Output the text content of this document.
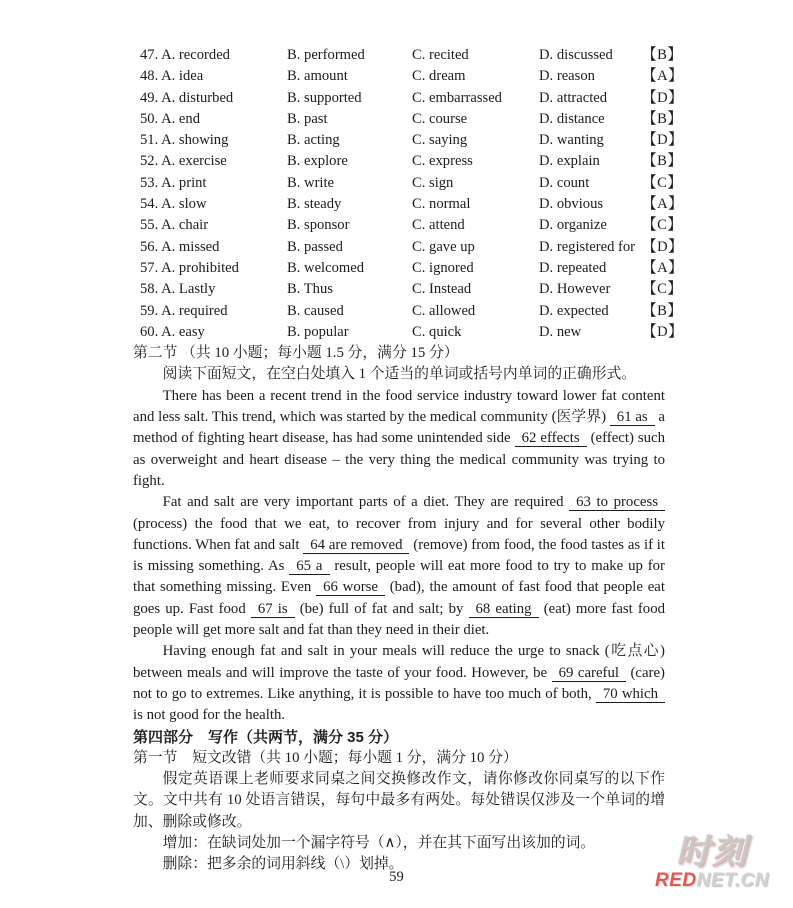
47. A. recorded	B. performed	C. recited	D. discussed	【B】
48. A. idea	B. amount	C. dream	D. reason	【A】
49. A. disturbed	B. supported	C. embarrassed	D. attracted	【D】
50. A. end	B. past	C. course	D. distance	【B】
51. A. showing	B. acting	C. saying	D. wanting	【D】
52. A. exercise	B. explore	C. express	D. explain	【B】
53. A. print	B. write	C. sign	D. count	【C】
54. A. slow	B. steady	C. normal	D. obvious	【A】
55. A. chair	B. sponsor	C. attend	D. organize	【C】
56. A. missed	B. passed	C. gave up	D. registered for 【D】
57. A. prohibited	B. welcomed	C. ignored	D. repeated	【A】
58. A. Lastly	B. Thus	C. Instead	D. However	【C】
59. A. required	B. caused	C. allowed	D. expected	【B】
60. A. easy	B. popular	C. quick	D. new	【D】
第二节 （共 10 小题；每小题 1.5 分，满分 15 分）
阅读下面短文，在空白处填入 1 个适当的单词或括号内单词的正确形式。

There has been a recent trend in the food service industry toward lower fat content and less salt. This trend, which was started by the medical community (医学界) 61 as a method of fighting heart disease, has had some unintended side 62 effects (effect) such as overweight and heart disease – the very thing the medical community was trying to fight.

Fat and salt are very important parts of a diet. They are required 63 to process (process) the food that we eat, to recover from injury and for several other bodily functions. When fat and salt 64 are removed (remove) from food, the food tastes as if it is missing something. As 65 a result, people will eat more food to try to make up for that something missing. Even 66 worse (bad), the amount of fast food that people eat goes up. Fast food 67 is (be) full of fat and salt; by 68 eating (eat) more fast food people will get more salt and fat than they need in their diet.

Having enough fat and salt in your meals will reduce the urge to snack (吃点心) between meals and will improve the taste of your food. However, be 69 careful (care) not to go to extremes. Like anything, it is possible to have too much of both, 70 which is not good for the health.

第四部分　写作（共两节，满分 35 分）
第一节　短文改错（共 10 小题；每小题 1 分，满分 10 分）
假定英语课上老师要求同桌之间交换修改作文，请你修改你同桌写的以下作文。文中共有 10 处语言错误，每句中最多有两处。每处错误仅涉及一个单词的增加、删除或修改。
增加：在缺词处加一个漏字符号（∧），并在其下面写出该加的词。
删除：把多余的词用斜线（\）划掉。
59
时刻
REDNET.CN
